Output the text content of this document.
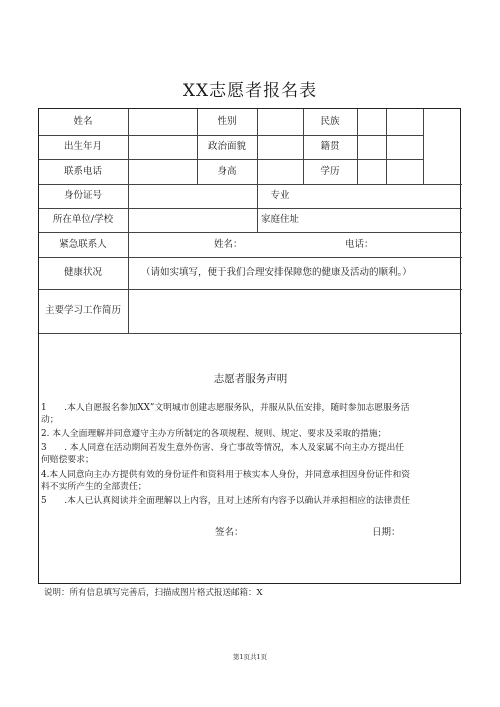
XX志愿者报名表
姓名	性别	民族
出生年月	政治面貌	籍贯
联系电话	身高	学历
身份证号	专业
所在单位/学校	家庭住址
紧急联系人	姓名：	电话：
健康状况	（请如实填写，便于我们合理安排保障您的健康及活动的顺利。）
主要学习工作简历
志愿者服务声明
1　　.本人自愿报名参加XX”文明城市创建志愿服务队，并服从队伍安排，随时参加志愿服务活
动；
2. 本人全面理解并同意遵守主办方所制定的各项规程、规则、规定、要求及采取的措施；
3　　. 本人同意在活动期间若发生意外伤害、身亡事故等情况，本人及家属不向主办方提出任
何赔偿要求；
4.本人同意向主办方提供有效的身份证件和资料用于核实本人身份，并同意承担因身份证件和资
料不实所产生的全部责任；
5　　.本人已认真阅读并全面理解以上内容，且对上述所有内容予以确认并承担相应的法律责任
签名：	日期：
说明：所有信息填写完善后，扫描成图片格式报送邮箱：X
第1页共1页
